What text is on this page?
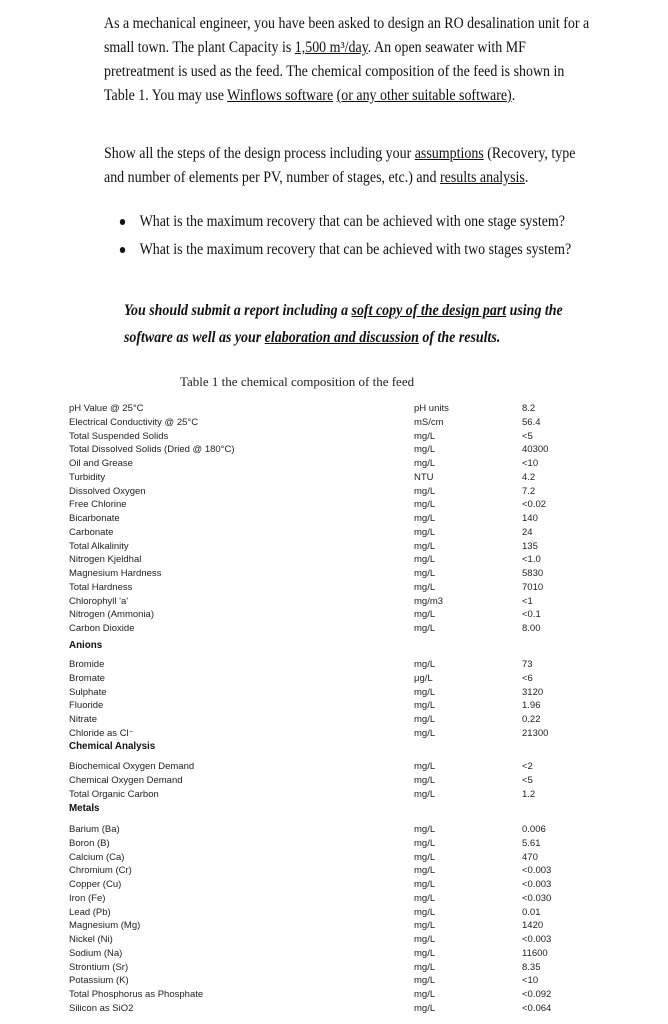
As a mechanical engineer, you have been asked to design an RO desalination unit for a small town. The plant Capacity is 1,500 m³/day. An open seawater with MF pretreatment is used as the feed. The chemical composition of the feed is shown in Table 1. You may use Winflows software (or any other suitable software).

Show all the steps of the design process including your assumptions (Recovery, type and number of elements per PV, number of stages, etc.) and results analysis.

What is the maximum recovery that can be achieved with one stage system?
What is the maximum recovery that can be achieved with two stages system?

You should submit a report including a soft copy of the design part using the software as well as your elaboration and discussion of the results.

Table 1 the chemical composition of the feed
pH Value @ 25°C	pH units	8.2
Electrical Conductivity @ 25°C	mS/cm	56.4
Total Suspended Solids	mg/L	<5
Total Dissolved Solids (Dried @ 180°C)	mg/L	40300
Oil and Grease	mg/L	<10
Turbidity	NTU	4.2
Dissolved Oxygen	mg/L	7.2
Free Chlorine	mg/L	<0.02
Bicarbonate	mg/L	140
Carbonate	mg/L	24
Total Alkalinity	mg/L	135
Nitrogen Kjeldhal	mg/L	<1.0
Magnesium Hardness	mg/L	5830
Total Hardness	mg/L	7010
Chlorophyll 'a'	mg/m3	<1
Nitrogen (Ammonia)	mg/L	<0.1
Carbon Dioxide	mg/L	8.00
Anions
Bromide	mg/L	73
Bromate	μg/L	<6
Sulphate	mg/L	3120
Fluoride	mg/L	1.96
Nitrate	mg/L	0.22
Chloride as Cl⁻	mg/L	21300
Chemical Analysis
Biochemical Oxygen Demand	mg/L	<2
Chemical Oxygen Demand	mg/L	<5
Total Organic Carbon	mg/L	1.2
Metals
Barium (Ba)	mg/L	0.006
Boron (B)	mg/L	5.61
Calcium (Ca)	mg/L	470
Chromium (Cr)	mg/L	<0.003
Copper (Cu)	mg/L	<0.003
Iron (Fe)	mg/L	<0.030
Lead (Pb)	mg/L	0.01
Magnesium (Mg)	mg/L	1420
Nickel (Ni)	mg/L	<0.003
Sodium (Na)	mg/L	11600
Strontium (Sr)	mg/L	8.35
Potassium (K)	mg/L	<10
Total Phosphorus as Phosphate	mg/L	<0.092
Silicon as SiO2	mg/L	<0.064
